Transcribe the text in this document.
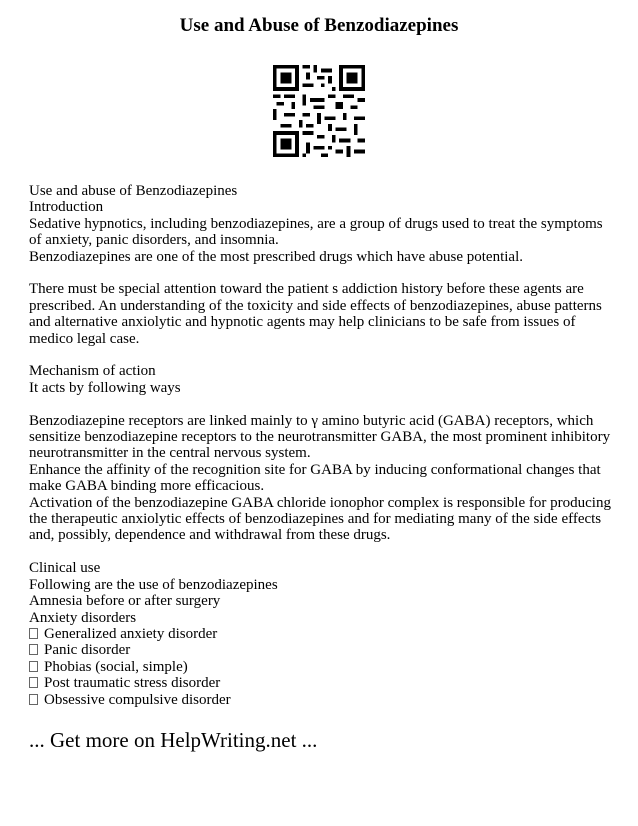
Use and Abuse of Benzodiazepines

Use and abuse of Benzodiazepines

Introduction

Sedative hypnotics, including benzodiazepines, are a group of drugs used to treat the symptoms of anxiety, panic disorders, and insomnia.

Benzodiazepines are one of the most prescribed drugs which have abuse potential.

There must be special attention toward the patient s addiction history before these agents are prescribed. An understanding of the toxicity and side effects of benzodiazepines, abuse patterns and alternative anxiolytic and hypnotic agents may help clinicians to be safe from issues of medico legal case.

Mechanism of action

It acts by following ways

Benzodiazepine receptors are linked mainly to γ amino butyric acid (GABA) receptors, which sensitize benzodiazepine receptors to the neurotransmitter GABA, the most prominent inhibitory neurotransmitter in the central nervous system.

Enhance the affinity of the recognition site for GABA by inducing conformational changes that make GABA binding more efficacious.

Activation of the benzodiazepine GABA chloride ionophor complex is responsible for producing the therapeutic anxiolytic effects of benzodiazepines and for mediating many of the side effects and, possibly, dependence and withdrawal from these drugs.

Clinical use

Following are the use of benzodiazepines

Amnesia before or after surgery

Anxiety disorders

Generalized anxiety disorder

Panic disorder

Phobias (social, simple)

Post traumatic stress disorder

Obsessive compulsive disorder

... Get more on HelpWriting.net ...
